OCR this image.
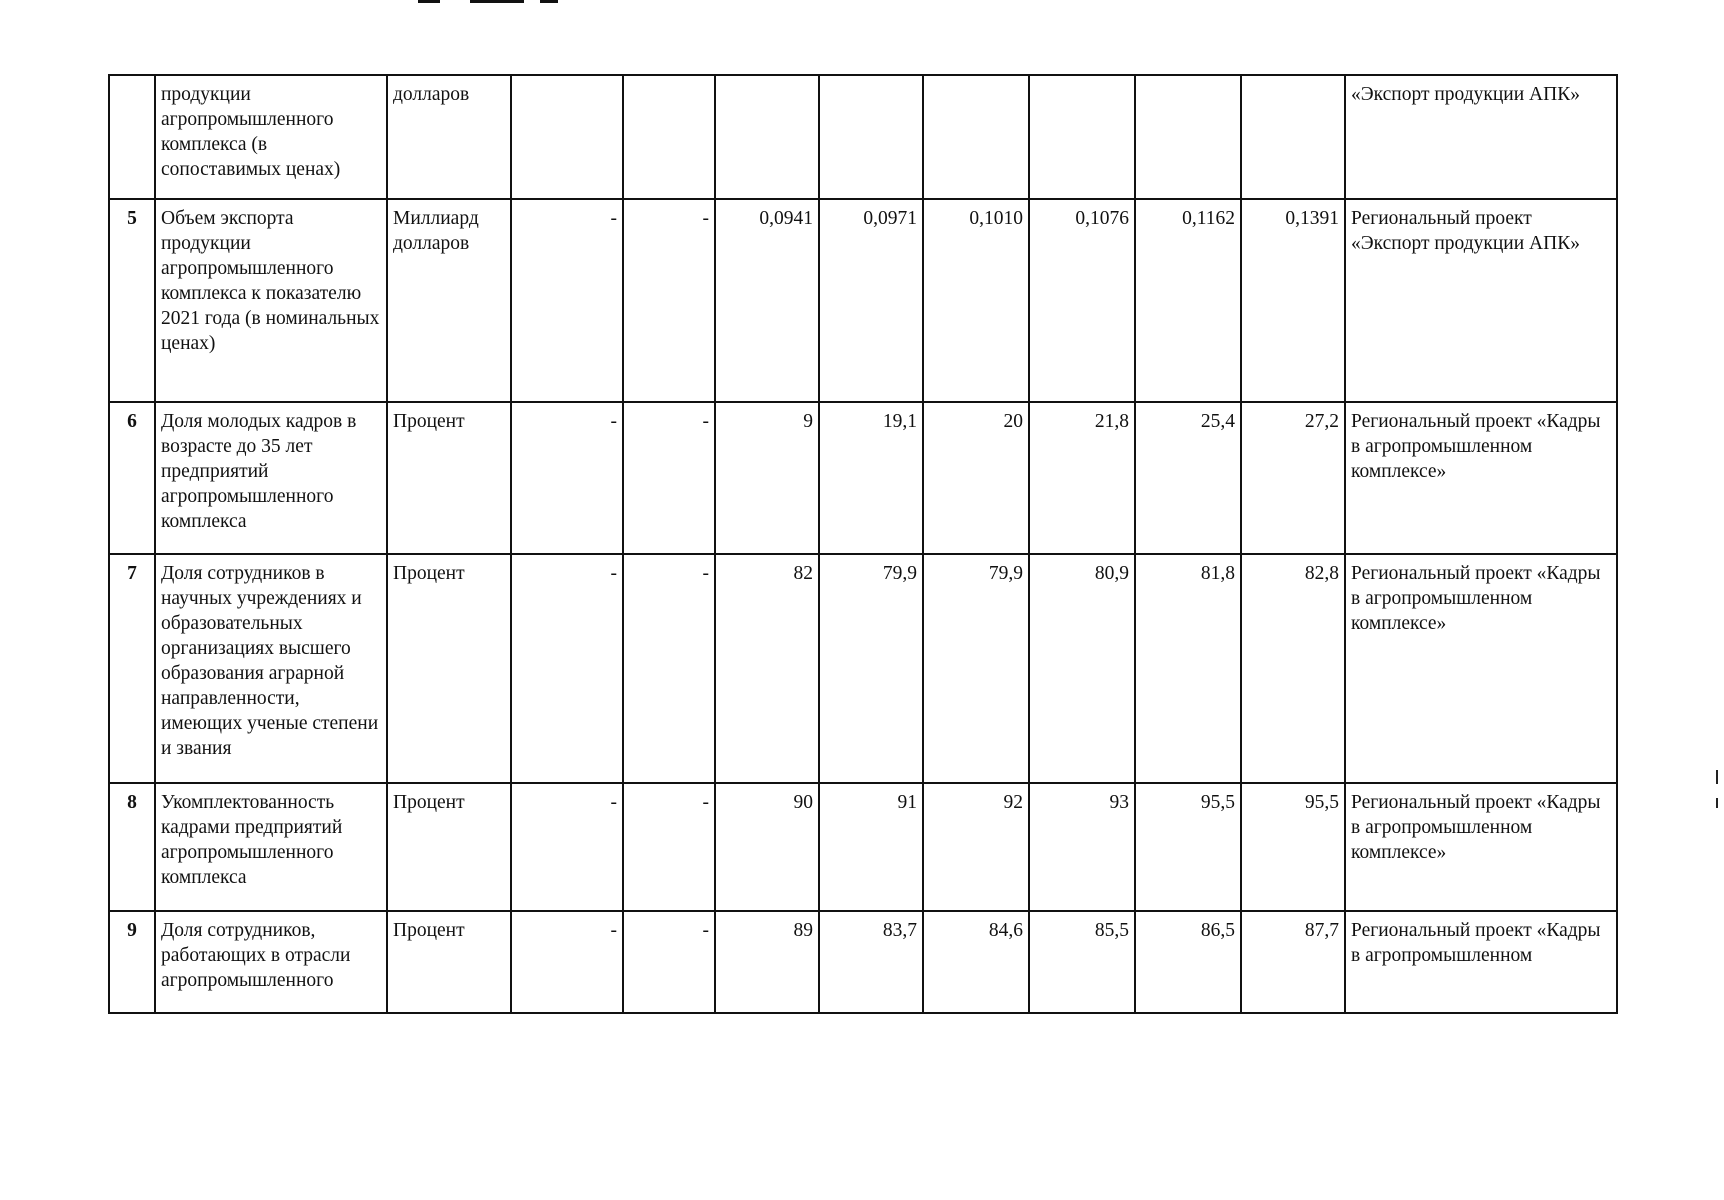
	продукции агропромышленного комплекса (в сопоставимых ценах)	долларов									«Экспорт продукции АПК»
5	Объем экспорта продукции агропромышленного комплекса к показателю 2021 года (в номинальных ценах)	Миллиард долларов	-	-	0,0941	0,0971	0,1010	0,1076	0,1162	0,1391	Региональный проект «Экспорт продукции АПК»
6	Доля молодых кадров в возрасте до 35 лет предприятий агропромышленного комплекса	Процент	-	-	9	19,1	20	21,8	25,4	27,2	Региональный проект «Кадры в агропромышленном комплексе»
7	Доля сотрудников в научных учреждениях и образовательных организациях высшего образования аграрной направленности, имеющих ученые степени и звания	Процент	-	-	82	79,9	79,9	80,9	81,8	82,8	Региональный проект «Кадры в агропромышленном комплексе»
8	Укомплектованность кадрами предприятий агропромышленного комплекса	Процент	-	-	90	91	92	93	95,5	95,5	Региональный проект «Кадры в агропромышленном комплексе»
9	Доля сотрудников, работающих в отрасли агропромышленного	Процент	-	-	89	83,7	84,6	85,5	86,5	87,7	Региональный проект «Кадры в агропромышленном
